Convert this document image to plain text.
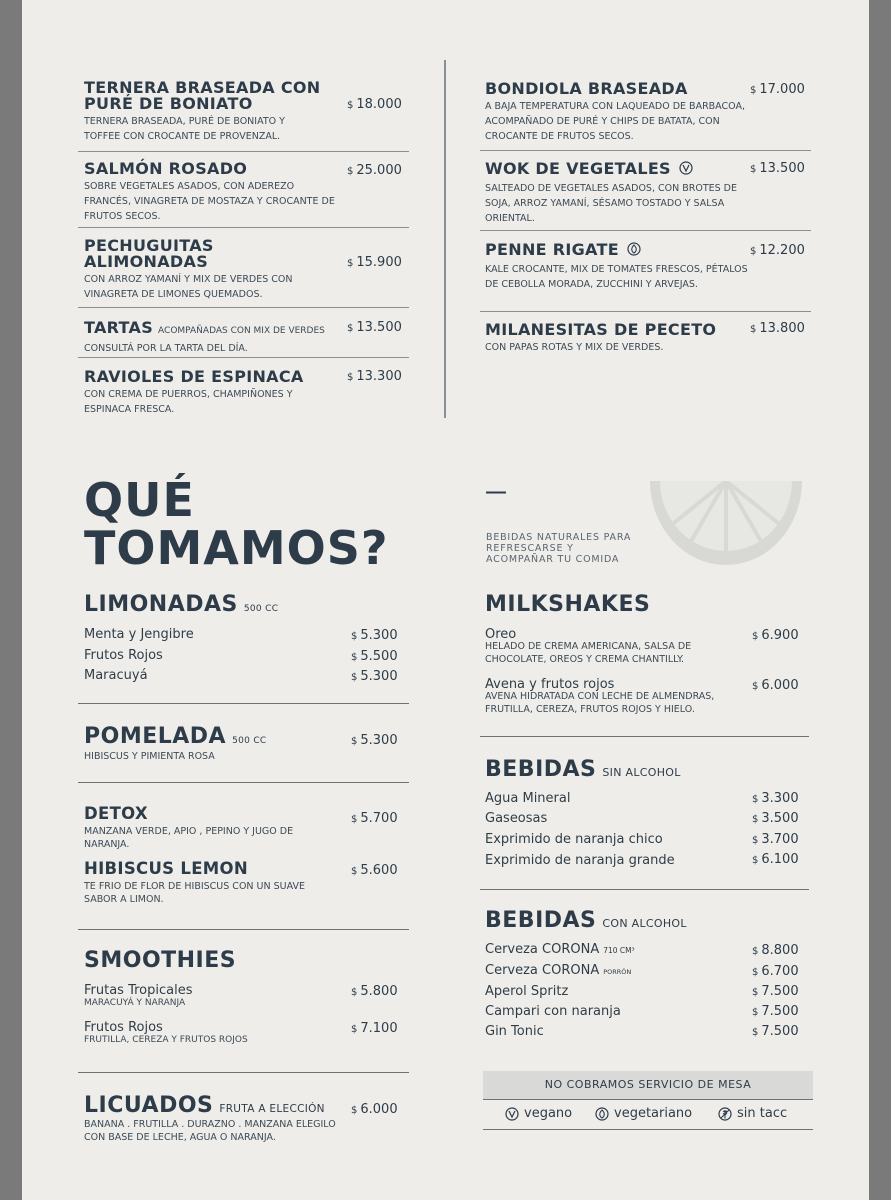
TERNERA BRASEADA CON PURÉ DE BONIATO
TERNERA BRASEADA, PURÉ DE BONIATO Y TOFFEE CON CROCANTE DE PROVENZAL.
$ 18.000
SALMÓN ROSADO
SOBRE VEGETALES ASADOS, CON ADEREZO FRANCÉS, VINAGRETA DE MOSTAZA Y CROCANTE DE FRUTOS SECOS.
$ 25.000
PECHUGUITAS ALIMONADAS
CON ARROZ YAMANÍ Y MIX DE VERDES CON VINAGRETA DE LIMONES QUEMADOS.
$ 15.900
TARTAS ACOMPAÑADAS CON MIX DE VERDES
CONSULTÁ POR LA TARTA DEL DÍA.
$ 13.500
RAVIOLES DE ESPINACA
CON CREMA DE PUERROS, CHAMPIÑONES Y ESPINACA FRESCA.
$ 13.300
BONDIOLA BRASEADA
A BAJA TEMPERATURA CON LAQUEADO DE BARBACOA, ACOMPAÑADO DE PURÉ Y CHIPS DE BATATA, CON CROCANTE DE FRUTOS SECOS.
$ 17.000
WOK DE VEGETALES
SALTEADO DE VEGETALES ASADOS, CON BROTES DE SOJA, ARROZ YAMANÍ, SÉSAMO TOSTADO Y SALSA ORIENTAL.
$ 13.500
PENNE RIGATE
KALE CROCANTE, MIX DE TOMATES FRESCOS, PÉTALOS DE CEBOLLA MORADA, ZUCCHINI Y ARVEJAS.
$ 12.200
MILANESITAS DE PECETO
CON PAPAS ROTAS Y MIX DE VERDES.
$ 13.800
QUÉ
TOMAMOS?
—
BEBIDAS NATURALES PARA REFRESCARSE Y ACOMPAÑAR TU COMIDA
LIMONADAS 500 CC
Menta y Jengibre	$ 5.300
Frutos Rojos	$ 5.500
Maracuyá	$ 5.300
POMELADA 500 CC
HIBISCUS Y PIMIENTA ROSA
$ 5.300
DETOX
MANZANA VERDE, APIO , PEPINO Y JUGO DE NARANJA.
$ 5.700
HIBISCUS LEMON
TE FRIO DE FLOR DE HIBISCUS CON UN SUAVE SABOR A LIMON.
$ 5.600
SMOOTHIES
Frutas Tropicales
MARACUYÁ Y NARANJA
$ 5.800
Frutos Rojos
FRUTILLA, CEREZA Y FRUTOS ROJOS
$ 7.100
LICUADOS FRUTA A ELECCIÓN
BANANA . FRUTILLA . DURAZNO . MANZANA ELEGILO CON BASE DE LECHE, AGUA O NARANJA.
$ 6.000
MILKSHAKES
Oreo
HELADO DE CREMA AMERICANA, SALSA DE CHOCOLATE, OREOS Y CREMA CHANTILLY.
$ 6.900
Avena y frutos rojos
AVENA HIDRATADA CON LECHE DE ALMENDRAS, FRUTILLA, CEREZA, FRUTOS ROJOS Y HIELO.
$ 6.000
BEBIDAS SIN ALCOHOL
Agua Mineral	$ 3.300
Gaseosas	$ 3.500
Exprimido de naranja chico	$ 3.700
Exprimido de naranja grande	$ 6.100
BEBIDAS CON ALCOHOL
Cerveza CORONA 710 CM³	$ 8.800
Cerveza CORONA PORRÓN	$ 6.700
Aperol Spritz	$ 7.500
Campari con naranja	$ 7.500
Gin Tonic	$ 7.500
NO COBRAMOS SERVICIO DE MESA
vegano	vegetariano	sin tacc
